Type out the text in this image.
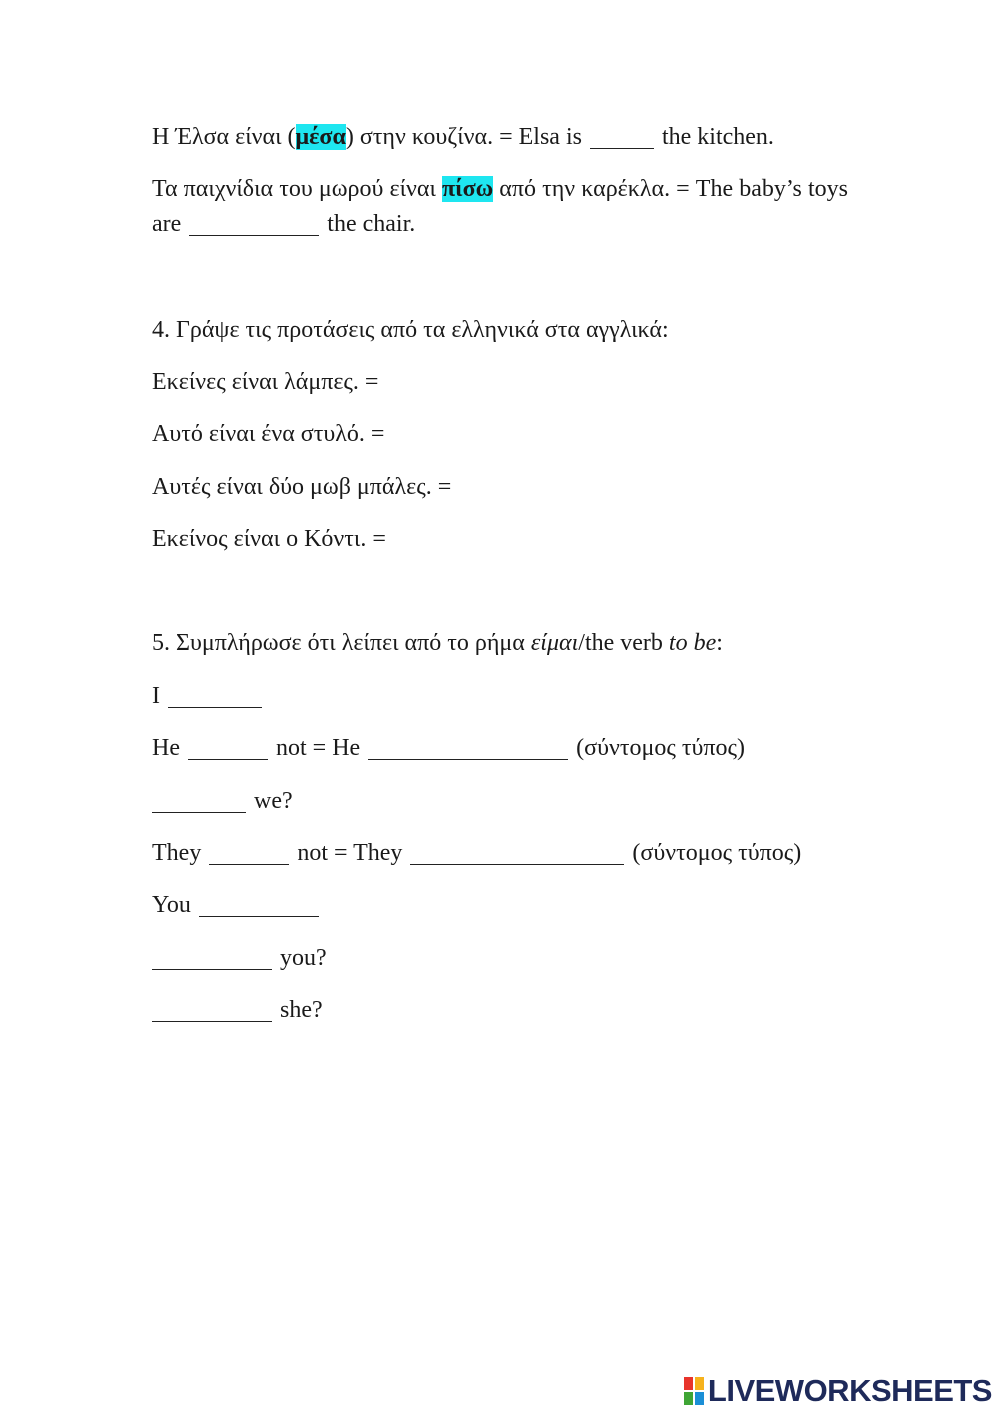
Η Έλσα είναι (μέσα) στην κουζίνα. = Elsa is	the kitchen.
Τα παιχνίδια του μωρού είναι πίσω από την καρέκλα. = The baby’s toys are	the chair.
4. Γράψε τις προτάσεις από τα ελληνικά στα αγγλικά:
Εκείνες είναι λάμπες. =
Αυτό είναι ένα στυλό. =
Αυτές είναι δύο μωβ μπάλες. =
Εκείνος είναι ο Κόντι. =
5. Συμπλήρωσε ότι λείπει από το ρήμα είμαι/the verb to be:
I
He	not = He	(σύντομος τύπος)
we?
They	not = They	(σύντομος τύπος)
You
you?
she?
LIVEWORKSHEETS
